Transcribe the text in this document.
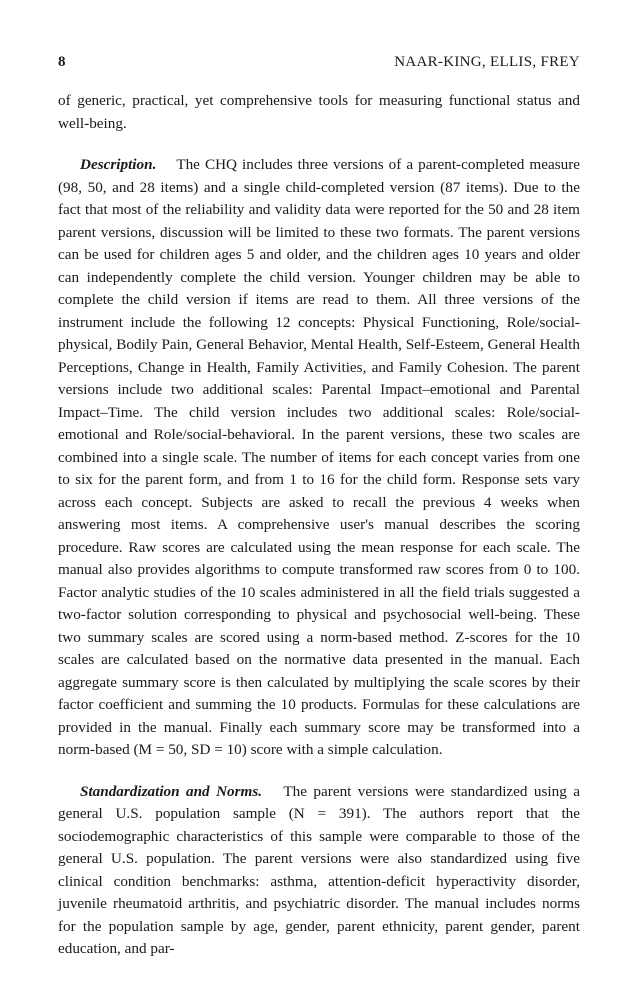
8	NAAR-KING, ELLIS, FREY

of generic, practical, yet comprehensive tools for measuring functional status and well-being.

Description.  The CHQ includes three versions of a parent-completed measure (98, 50, and 28 items) and a single child-completed version (87 items). Due to the fact that most of the reliability and validity data were reported for the 50 and 28 item parent versions, discussion will be limited to these two formats. The parent versions can be used for children ages 5 and older, and the children ages 10 years and older can independently complete the child version. Younger children may be able to complete the child version if items are read to them. All three versions of the instrument include the following 12 concepts: Physical Functioning, Role/social-physical, Bodily Pain, General Behavior, Mental Health, Self-Esteem, General Health Perceptions, Change in Health, Family Activities, and Family Cohesion. The parent versions include two additional scales: Parental Impact–emotional and Parental Impact–Time. The child version includes two additional scales: Role/social-emotional and Role/social-behavioral. In the parent versions, these two scales are combined into a single scale. The number of items for each concept varies from one to six for the parent form, and from 1 to 16 for the child form. Response sets vary across each concept. Subjects are asked to recall the previous 4 weeks when answering most items. A comprehensive user's manual describes the scoring procedure. Raw scores are calculated using the mean response for each scale. The manual also provides algorithms to compute transformed raw scores from 0 to 100. Factor analytic studies of the 10 scales administered in all the field trials suggested a two-factor solution corresponding to physical and psychosocial well-being. These two summary scales are scored using a norm-based method. Z-scores for the 10 scales are calculated based on the normative data presented in the manual. Each aggregate summary score is then calculated by multiplying the scale scores by their factor coefficient and summing the 10 products. Formulas for these calculations are provided in the manual. Finally each summary score may be transformed into a norm-based (M = 50, SD = 10) score with a simple calculation.

Standardization and Norms.  The parent versions were standardized using a general U.S. population sample (N = 391). The authors report that the sociodemographic characteristics of this sample were comparable to those of the general U.S. population. The parent versions were also standardized using five clinical condition benchmarks: asthma, attention-deficit hyperactivity disorder, juvenile rheumatoid arthritis, and psychiatric disorder. The manual includes norms for the population sample by age, gender, parent ethnicity, parent gender, parent education, and par-
